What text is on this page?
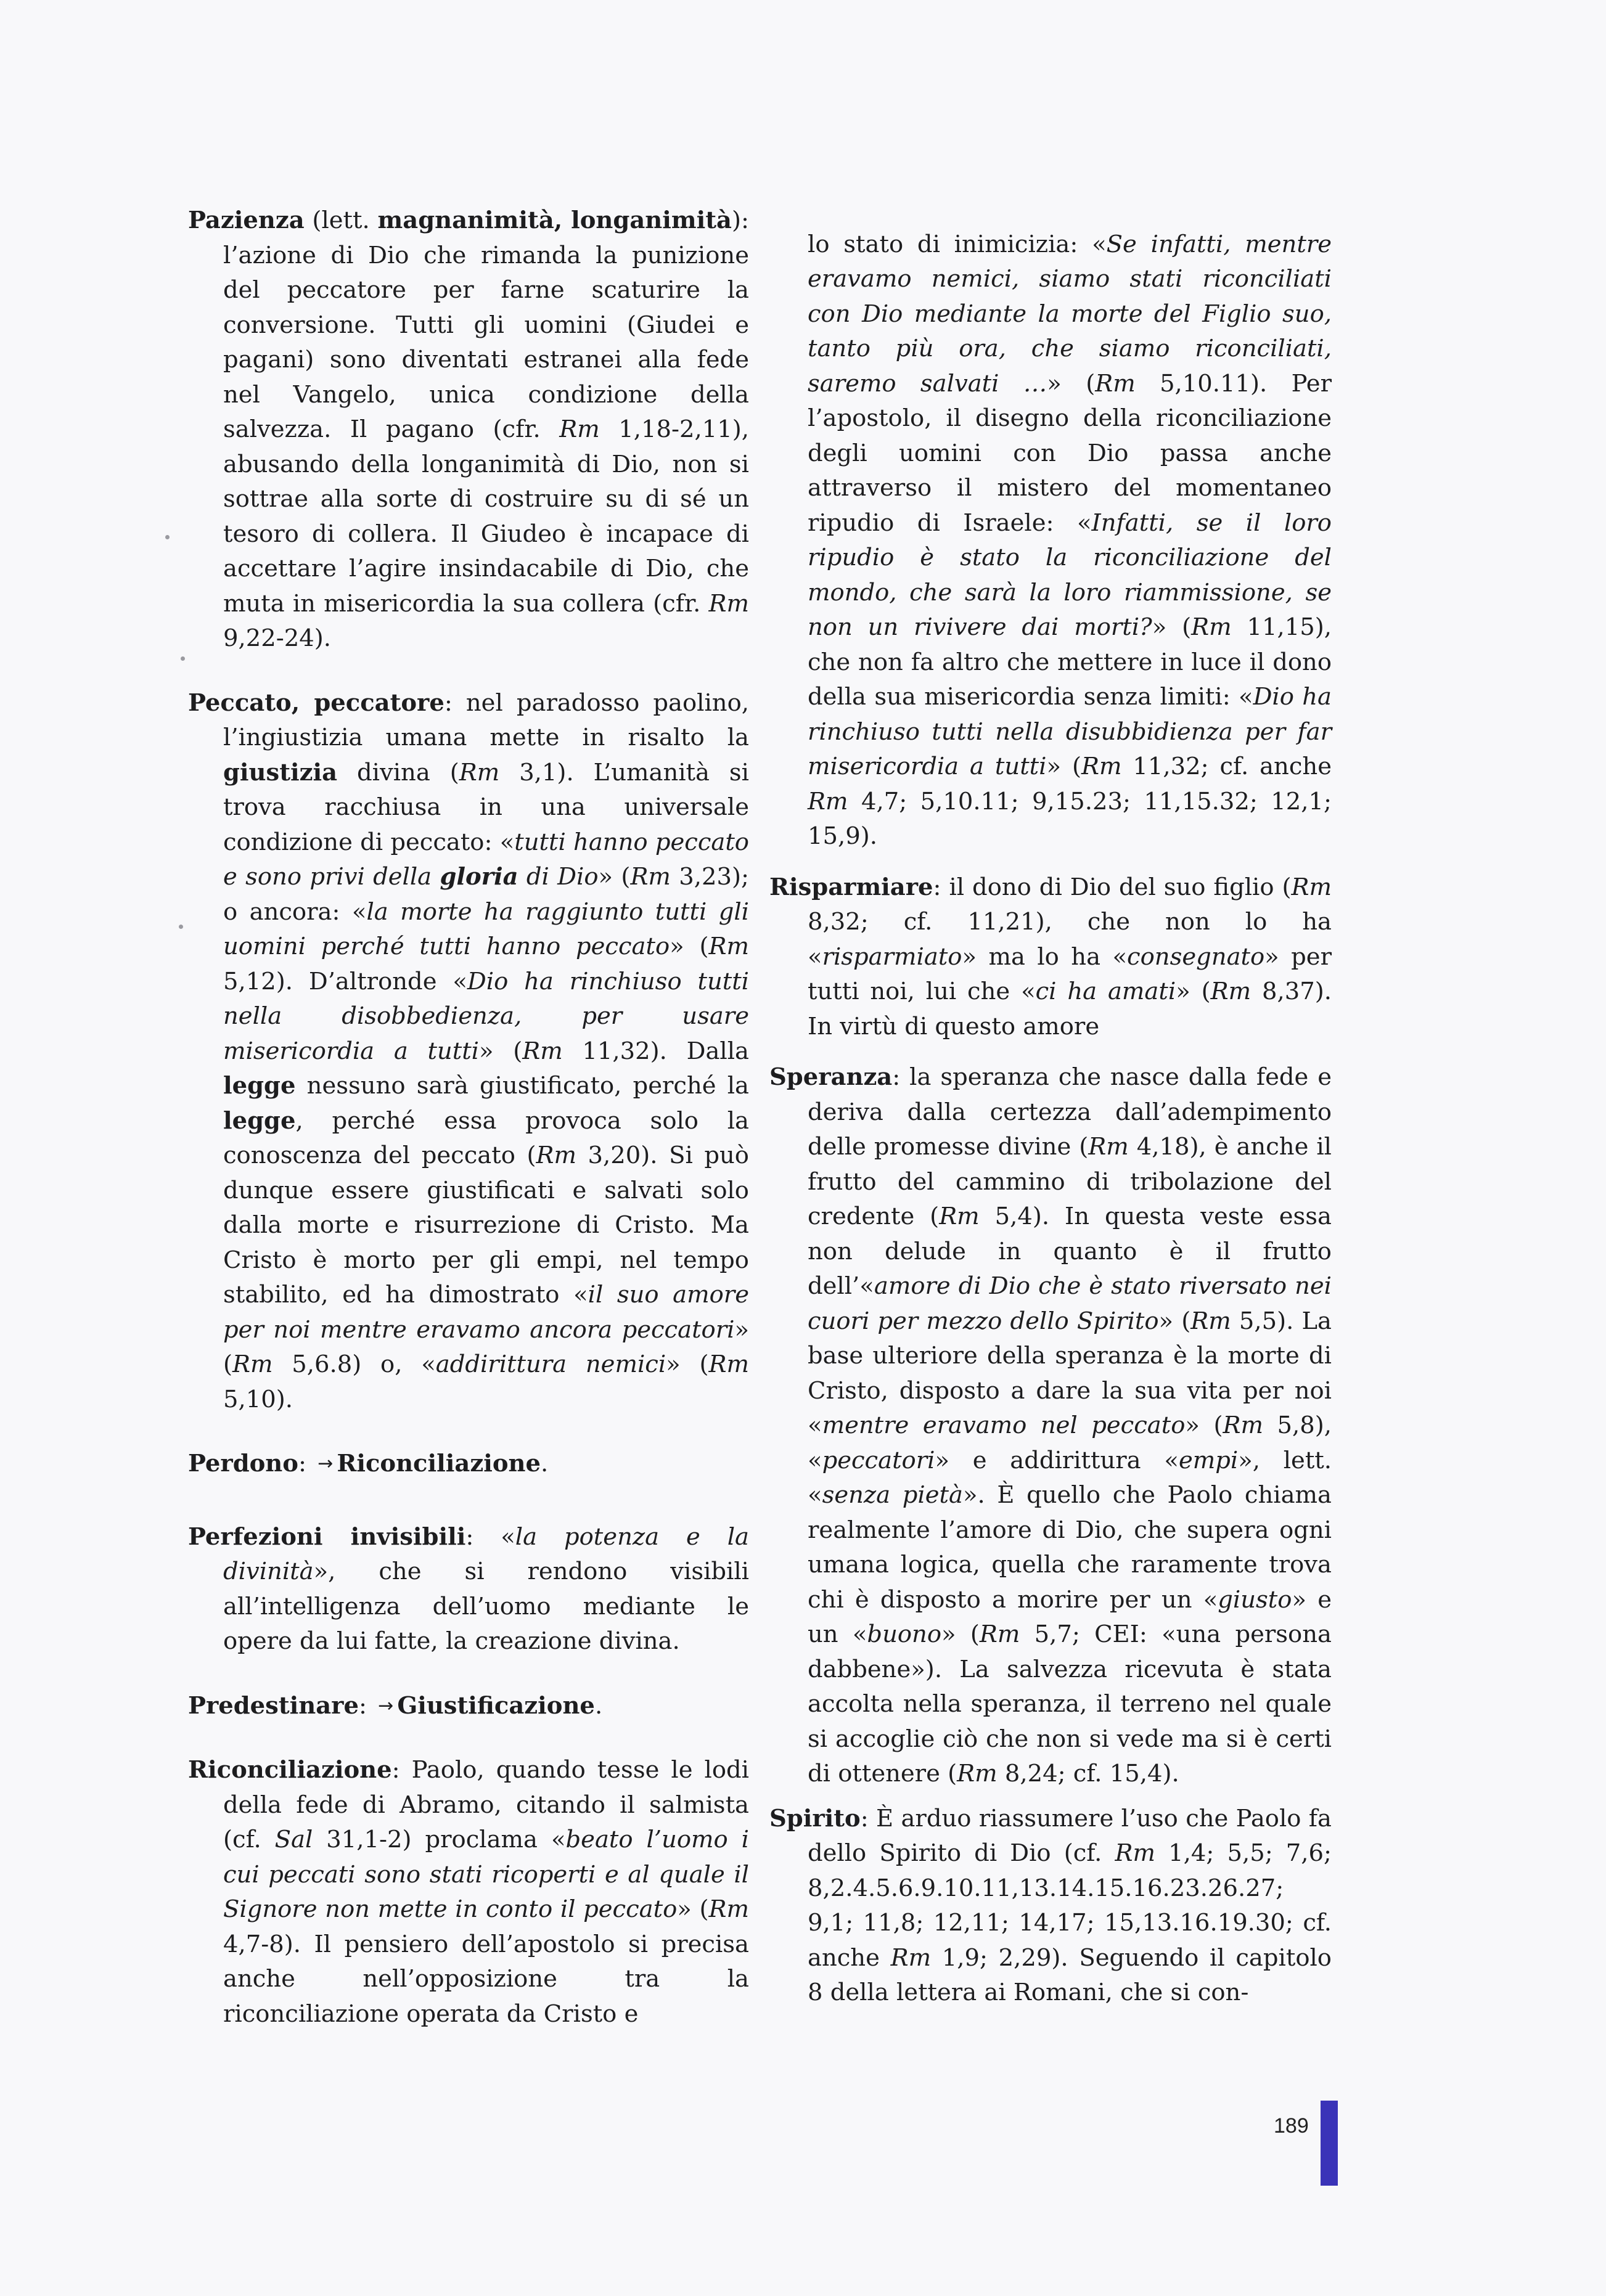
Pazienza (lett. magnanimità, longanimità): l’azione di Dio che rimanda la punizione del peccatore per farne scaturire la conversione. Tutti gli uomini (Giudei e pagani) sono diventati estranei alla fede nel Vangelo, unica condizione della salvezza. Il pagano (cfr. Rm 1,18-2,11), abusando della longanimità di Dio, non si sottrae alla sorte di costruire su di sé un tesoro di collera. Il Giudeo è incapace di accettare l’agire insindacabile di Dio, che muta in misericordia la sua collera (cfr. Rm 9,22-24).

Peccato, peccatore: nel paradosso paolino, l’ingiustizia umana mette in risalto la giustizia divina (Rm 3,1). L’umanità si trova racchiusa in una universale condizione di peccato: «tutti hanno peccato e sono privi della gloria di Dio» (Rm 3,23); o ancora: «la morte ha raggiunto tutti gli uomini perché tutti hanno peccato» (Rm 5,12). D’altronde «Dio ha rinchiuso tutti nella disobbedienza, per usare misericordia a tutti» (Rm 11,32). Dalla legge nessuno sarà giustificato, perché la legge, perché essa provoca solo la conoscenza del peccato (Rm 3,20). Si può dunque essere giustificati e salvati solo dalla morte e risurrezione di Cristo. Ma Cristo è morto per gli empi, nel tempo stabilito, ed ha dimostrato «il suo amore per noi mentre eravamo ancora peccatori» (Rm 5,6.8) o, «addirittura nemici» (Rm 5,10).

Perdono: → Riconciliazione.

Perfezioni invisibili: «la potenza e la divinità», che si rendono visibili all’intelligenza dell’uomo mediante le opere da lui fatte, la creazione divina.

Predestinare: → Giustificazione.

Riconciliazione: Paolo, quando tesse le lodi della fede di Abramo, citando il salmista (cf. Sal 31,1-2) proclama «beato l’uomo i cui peccati sono stati ricoperti e al quale il Signore non mette in conto il peccato» (Rm 4,7-8). Il pensiero dell’apostolo si precisa anche nell’opposizione tra la riconciliazione operata da Cristo e

lo stato di inimicizia: «Se infatti, mentre eravamo nemici, siamo stati riconciliati con Dio mediante la morte del Figlio suo, tanto più ora, che siamo riconciliati, saremo salvati …» (Rm 5,10.11). Per l’apostolo, il disegno della riconciliazione degli uomini con Dio passa anche attraverso il mistero del momentaneo ripudio di Israele: «Infatti, se il loro ripudio è stato la riconciliazione del mondo, che sarà la loro riammissione, se non un rivivere dai morti?» (Rm 11,15), che non fa altro che mettere in luce il dono della sua misericordia senza limiti: «Dio ha rinchiuso tutti nella disubbidienza per far misericordia a tutti» (Rm 11,32; cf. anche Rm 4,7; 5,10.11; 9,15.23; 11,15.32; 12,1; 15,9).

Risparmiare: il dono di Dio del suo figlio (Rm 8,32; cf. 11,21), che non lo ha «risparmiato» ma lo ha «consegnato» per tutti noi, lui che «ci ha amati» (Rm 8,37). In virtù di questo amore

Speranza: la speranza che nasce dalla fede e deriva dalla certezza dall’adempimento delle promesse divine (Rm 4,18), è anche il frutto del cammino di tribolazione del credente (Rm 5,4). In questa veste essa non delude in quanto è il frutto dell’«amore di Dio che è stato riversato nei cuori per mezzo dello Spirito» (Rm 5,5). La base ulteriore della speranza è la morte di Cristo, disposto a dare la sua vita per noi «mentre eravamo nel peccato» (Rm 5,8), «peccatori» e addirittura «empi», lett. «senza pietà». È quello che Paolo chiama realmente l’amore di Dio, che supera ogni umana logica, quella che raramente trova chi è disposto a morire per un «giusto» e un «buono» (Rm 5,7; CEI: «una persona dabbene»). La salvezza ricevuta è stata accolta nella speranza, il terreno nel quale si accoglie ciò che non si vede ma si è certi di ottenere (Rm 8,24; cf. 15,4).

Spirito: È arduo riassumere l’uso che Paolo fa dello Spirito di Dio (cf. Rm 1,4; 5,5; 7,6; 8,2.4.5.6.9.10.11,13.14.15.16.23.26.27; 9,1; 11,8; 12,11; 14,17; 15,13.16.19.30; cf. anche Rm 1,9; 2,29). Seguendo il capitolo 8 della lettera ai Romani, che si con-

189
